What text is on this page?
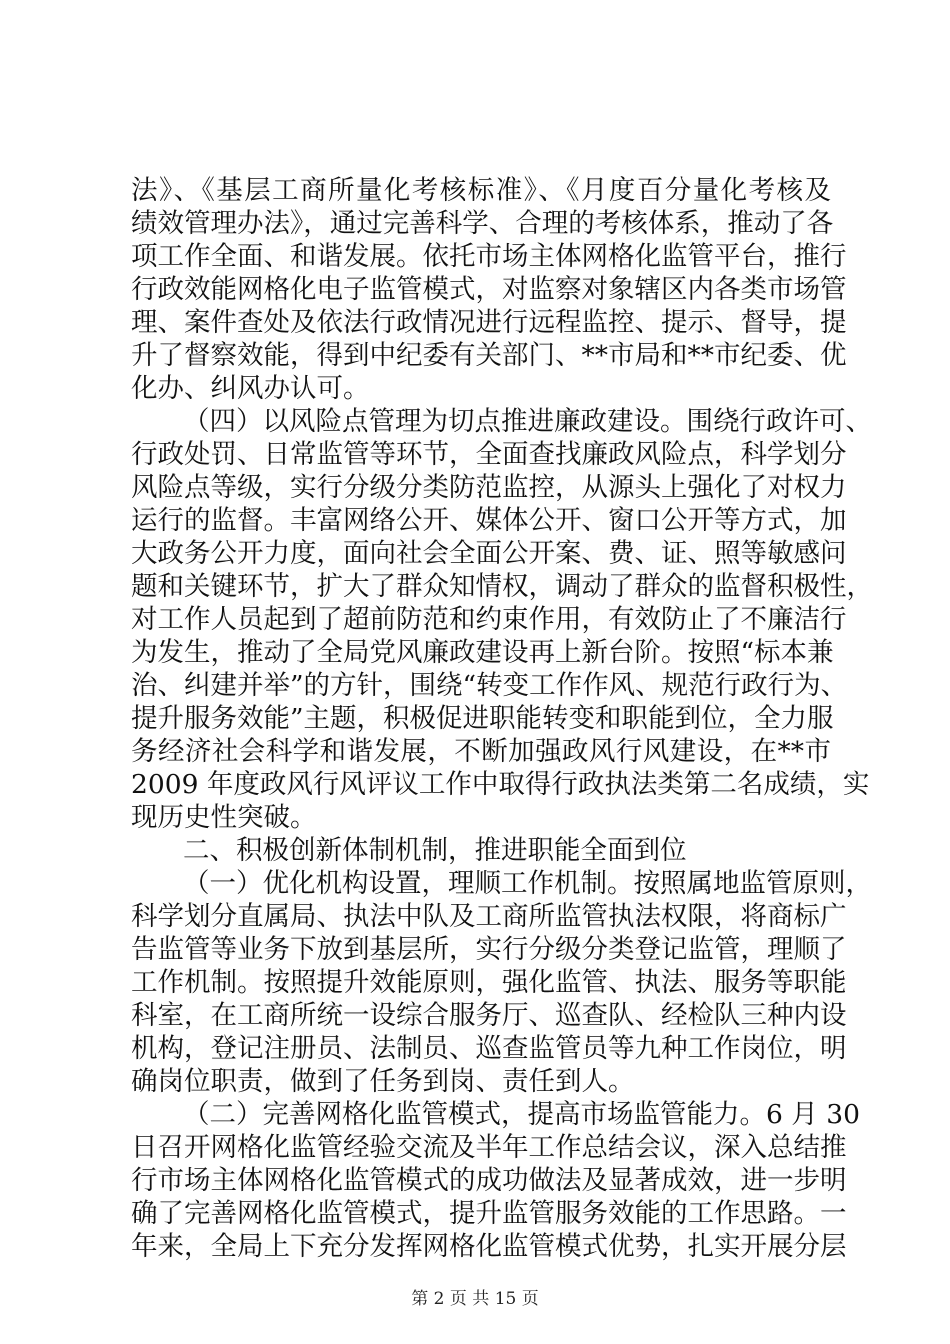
法》、《基层工商所量化考核标准》、《月度百分量化考核及
绩效管理办法》，通过完善科学、合理的考核体系，推动了各
项工作全面、和谐发展。依托市场主体网格化监管平台，推行
行政效能网格化电子监管模式，对监察对象辖区内各类市场管
理、案件查处及依法行政情况进行远程监控、提示、督导，提
升了督察效能，得到中纪委有关部门、**市局和**市纪委、优
化办、纠风办认可。
（四）以风险点管理为切点推进廉政建设。围绕行政许可、
行政处罚、日常监管等环节，全面查找廉政风险点，科学划分
风险点等级，实行分级分类防范监控，从源头上强化了对权力
运行的监督。丰富网络公开、媒体公开、窗口公开等方式，加
大政务公开力度，面向社会全面公开案、费、证、照等敏感问
题和关键环节，扩大了群众知情权，调动了群众的监督积极性，
对工作人员起到了超前防范和约束作用，有效防止了不廉洁行
为发生，推动了全局党风廉政建设再上新台阶。按照“标本兼
治、纠建并举”的方针，围绕“转变工作作风、规范行政行为、
提升服务效能”主题，积极促进职能转变和职能到位，全力服
务经济社会科学和谐发展，不断加强政风行风建设，在**市
2009 年度政风行风评议工作中取得行政执法类第二名成绩，实
现历史性突破。
二、积极创新体制机制，推进职能全面到位
（一）优化机构设置，理顺工作机制。按照属地监管原则，
科学划分直属局、执法中队及工商所监管执法权限，将商标广
告监管等业务下放到基层所，实行分级分类登记监管，理顺了
工作机制。按照提升效能原则，强化监管、执法、服务等职能
科室，在工商所统一设综合服务厅、巡查队、经检队三种内设
机构，登记注册员、法制员、巡查监管员等九种工作岗位，明
确岗位职责，做到了任务到岗、责任到人。
（二）完善网格化监管模式，提高市场监管能力。6 月 30
日召开网格化监管经验交流及半年工作总结会议，深入总结推
行市场主体网格化监管模式的成功做法及显著成效，进一步明
确了完善网格化监管模式，提升监管服务效能的工作思路。一
第 2 页 共 15 页
年来，全局上下充分发挥网格化监管模式优势，扎实开展分层
